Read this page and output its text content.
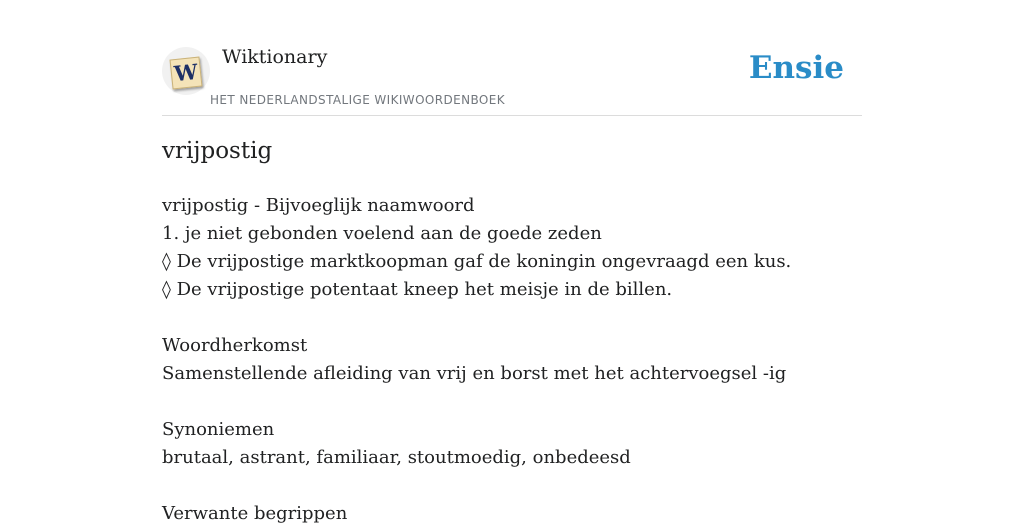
W
Wiktionary
HET NEDERLANDSTALIGE WIKIWOORDENBOEK
Ensie
vrijpostig
vrijpostig - Bijvoeglijk naamwoord
1. je niet gebonden voelend aan de goede zeden
◊ De vrijpostige marktkoopman gaf de koningin ongevraagd een kus.
◊ De vrijpostige potentaat kneep het meisje in de billen.
Woordherkomst
Samenstellende afleiding van vrij en borst met het achtervoegsel -ig
Synoniemen
brutaal, astrant, familiaar, stoutmoedig, onbedeesd
Verwante begrippen
